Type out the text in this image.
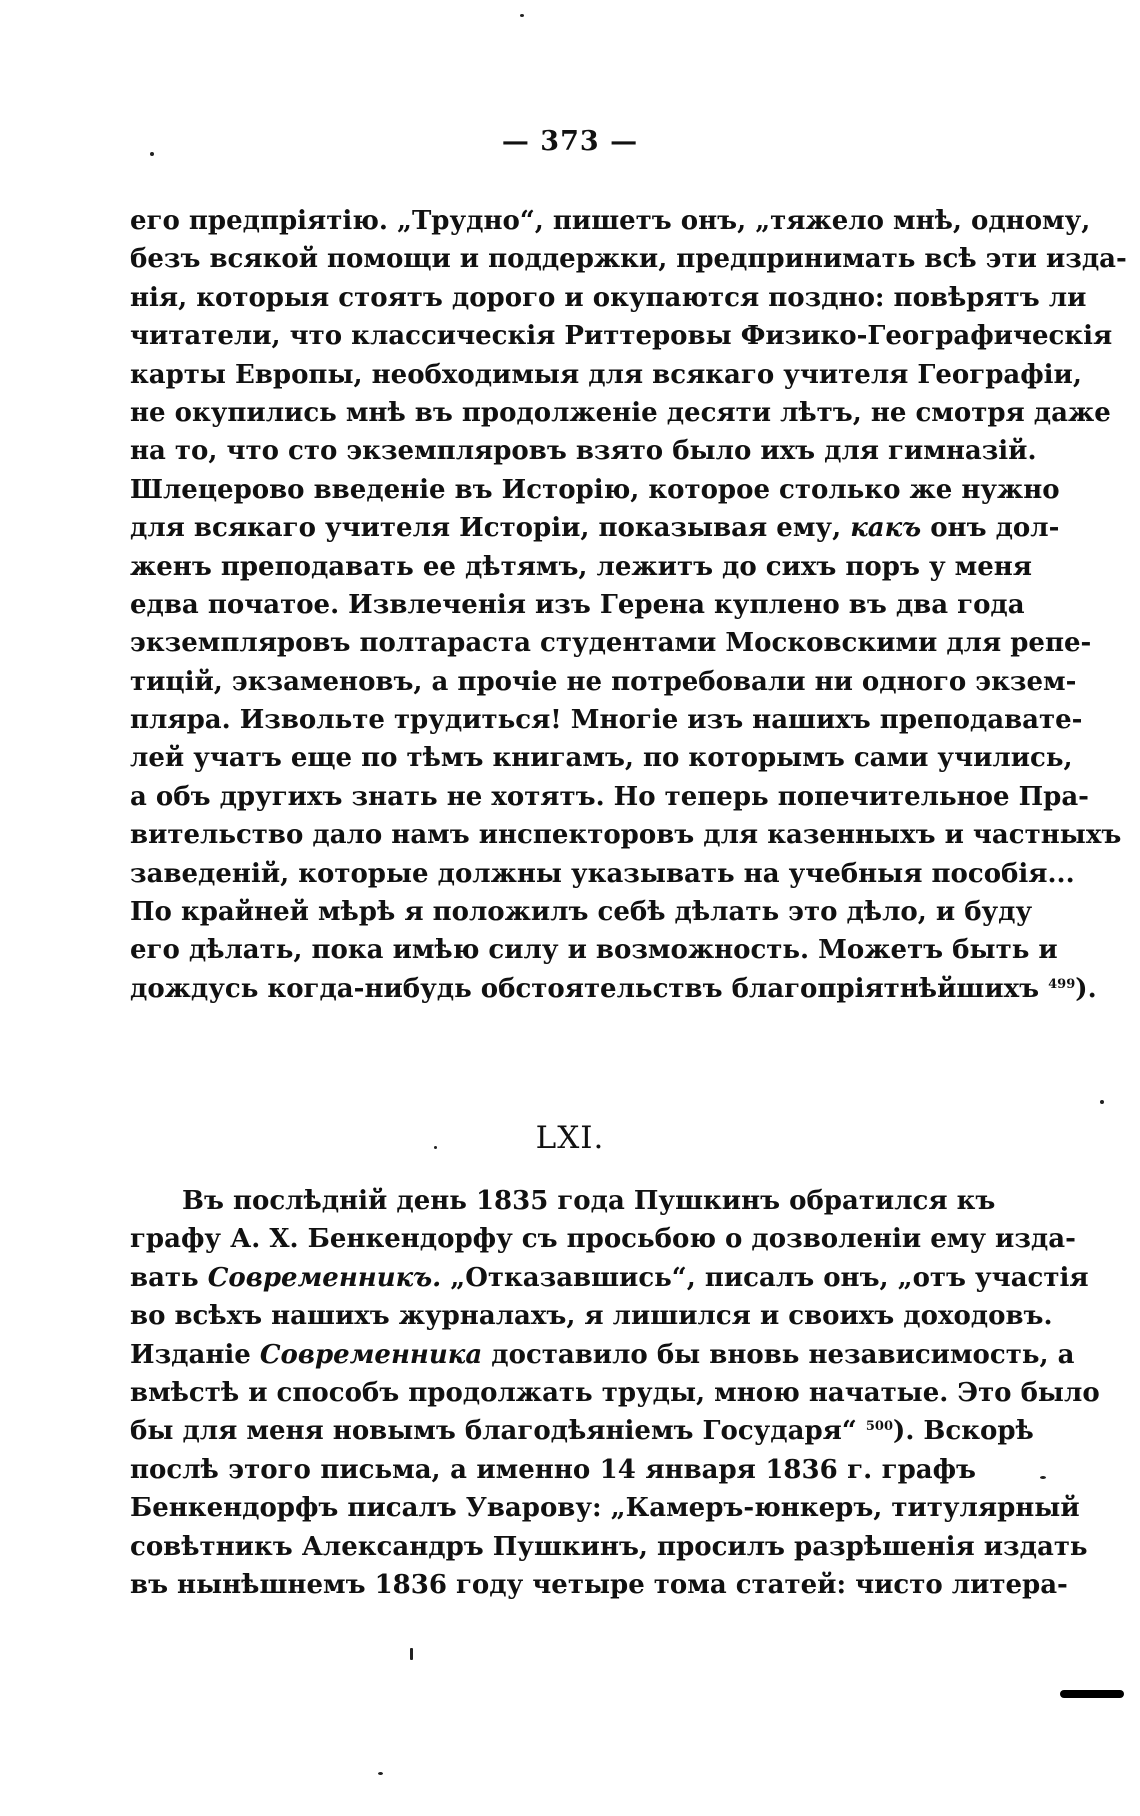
— 373 —
его предпріятію. „Трудно“, пишетъ онъ, „тяжело мнѣ, одному,
безъ всякой помощи и поддержки, предпринимать всѣ эти изда-
нія, которыя стоятъ дорого и окупаются поздно: повѣрятъ ли
читатели, что классическія Риттеровы Физико-Географическія
карты Европы, необходимыя для всякаго учителя Географіи,
не окупились мнѣ въ продолженіе десяти лѣтъ, не смотря даже
на то, что сто экземпляровъ взято было ихъ для гимназій.
Шлецерово введеніе въ Исторію, которое столько же нужно
для всякаго учителя Исторіи, показывая ему, какъ онъ дол-
женъ преподавать ее дѣтямъ, лежитъ до сихъ поръ у меня
едва початое. Извлеченія изъ Герена куплено въ два года
экземпляровъ полтараста студентами Московскими для репе-
тицій, экзаменовъ, а прочіе не потребовали ни одного экзем-
пляра. Извольте трудиться! Многіе изъ нашихъ преподавате-
лей учатъ еще по тѣмъ книгамъ, по которымъ сами учились,
а объ другихъ знать не хотятъ. Но теперь попечительное Пра-
вительство дало намъ инспекторовъ для казенныхъ и частныхъ
заведеній, которые должны указывать на учебныя пособія...
По крайней мѣрѣ я положилъ себѣ дѣлать это дѣло, и буду
его дѣлать, пока имѣю силу и возможность. Можетъ быть и
дождусь когда-нибудь обстоятельствъ благопріятнѣйшихъ $^{499}$).
LXI.
Въ послѣдній день 1835 года Пушкинъ обратился къ
графу А. Х. Бенкендорфу съ просьбою о дозволеніи ему изда-
вать Современникъ. „Отказавшись“, писалъ онъ, „отъ участія
во всѣхъ нашихъ журналахъ, я лишился и своихъ доходовъ.
Изданіе Современника доставило бы вновь независимость, а
вмѣстѣ и способъ продолжать труды, мною начатые. Это было
бы для меня новымъ благодѣяніемъ Государя“ $^{500}$). Вскорѣ
послѣ этого письма, а именно 14 января 1836 г. графъ
Бенкендорфъ писалъ Уварову: „Камеръ-юнкеръ, титулярный
совѣтникъ Александръ Пушкинъ, просилъ разрѣшенія издать
въ нынѣшнемъ 1836 году четыре тома статей: чисто литера-
